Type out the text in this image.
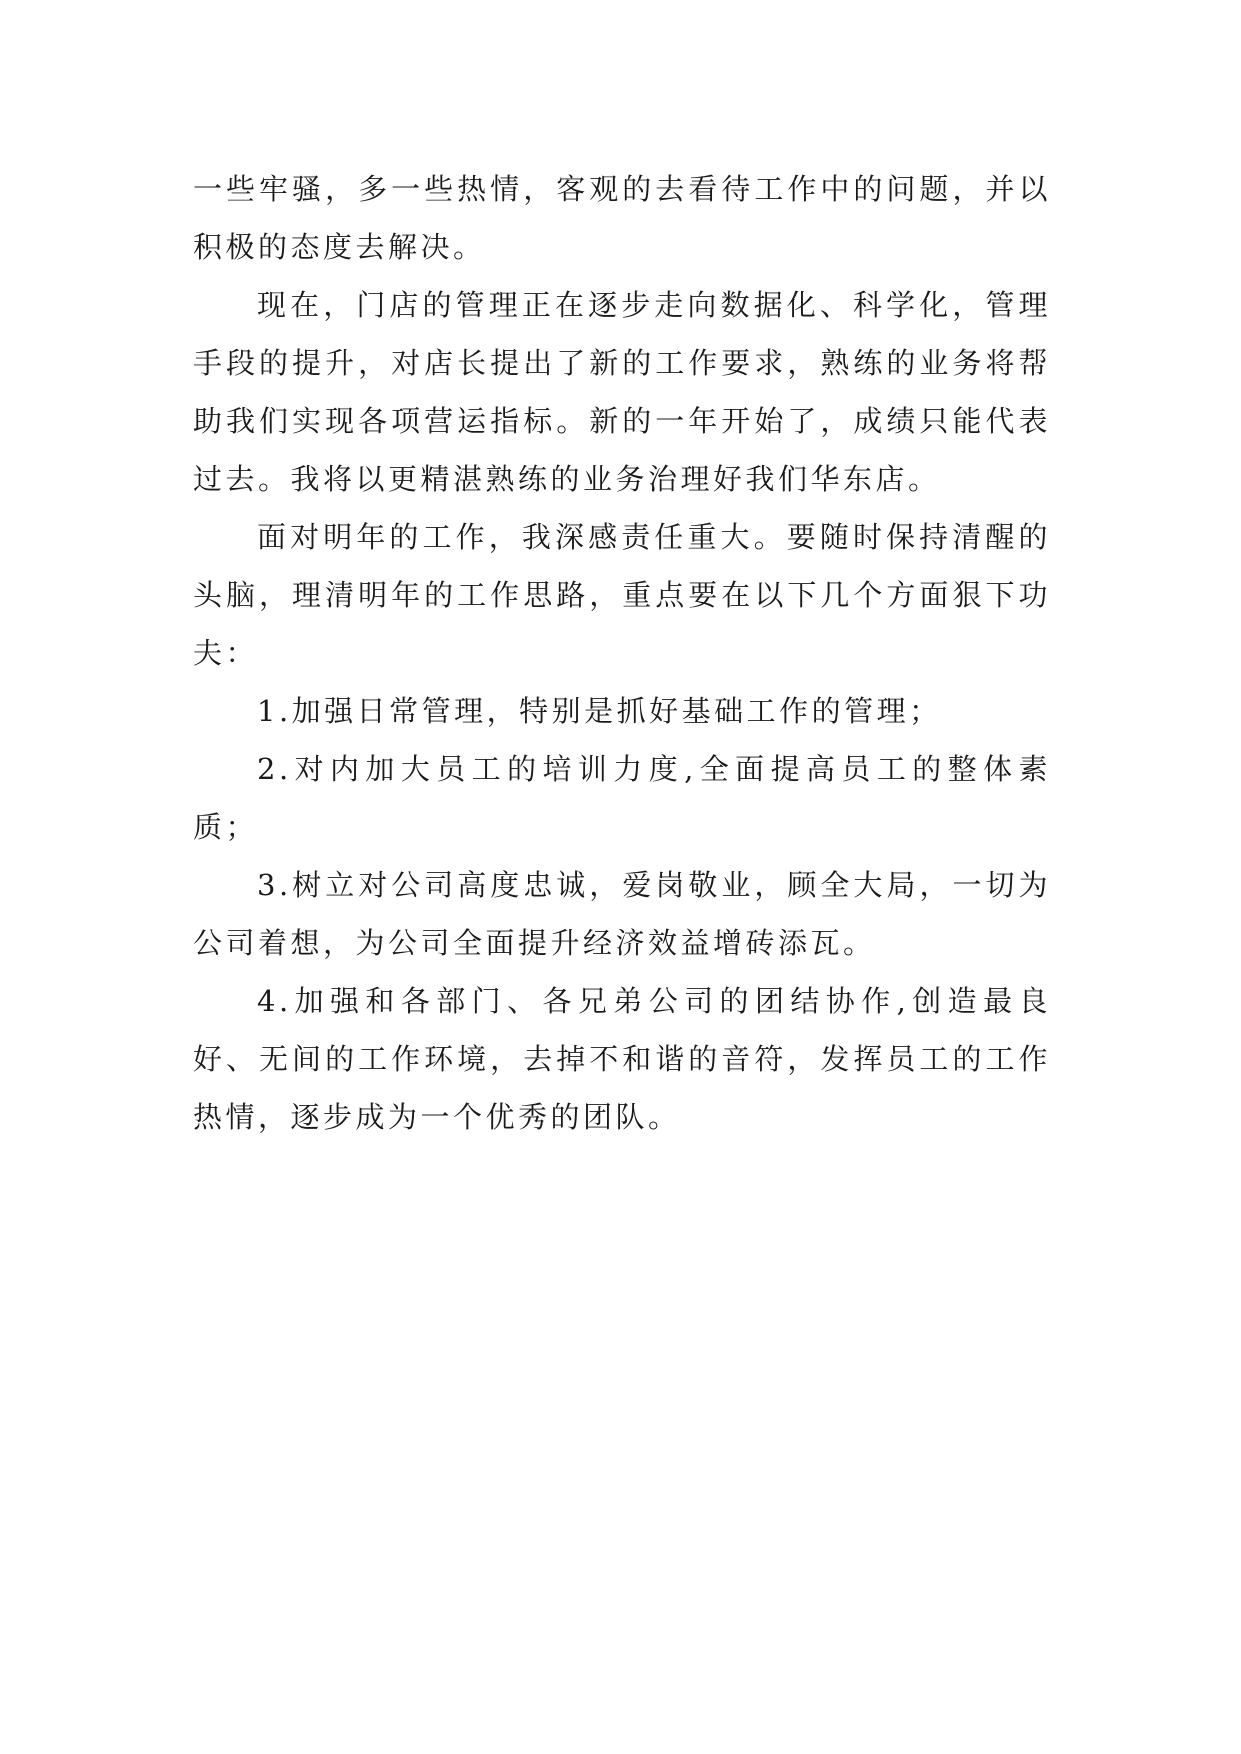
一些牢骚，多一些热情，客观的去看待工作中的问题，并以积极的态度去解决。

现在，门店的管理正在逐步走向数据化、科学化，管理手段的提升，对店长提出了新的工作要求，熟练的业务将帮助我们实现各项营运指标。新的一年开始了，成绩只能代表过去。我将以更精湛熟练的业务治理好我们华东店。

面对明年的工作，我深感责任重大。要随时保持清醒的头脑，理清明年的工作思路，重点要在以下几个方面狠下功夫：

1.加强日常管理，特别是抓好基础工作的管理；

2.对内加大员工的培训力度,全面提高员工的整体素质；

3.树立对公司高度忠诚，爱岗敬业，顾全大局，一切为公司着想，为公司全面提升经济效益增砖添瓦。

4.加强和各部门、各兄弟公司的团结协作,创造最良好、无间的工作环境，去掉不和谐的音符，发挥员工的工作热情，逐步成为一个优秀的团队。
